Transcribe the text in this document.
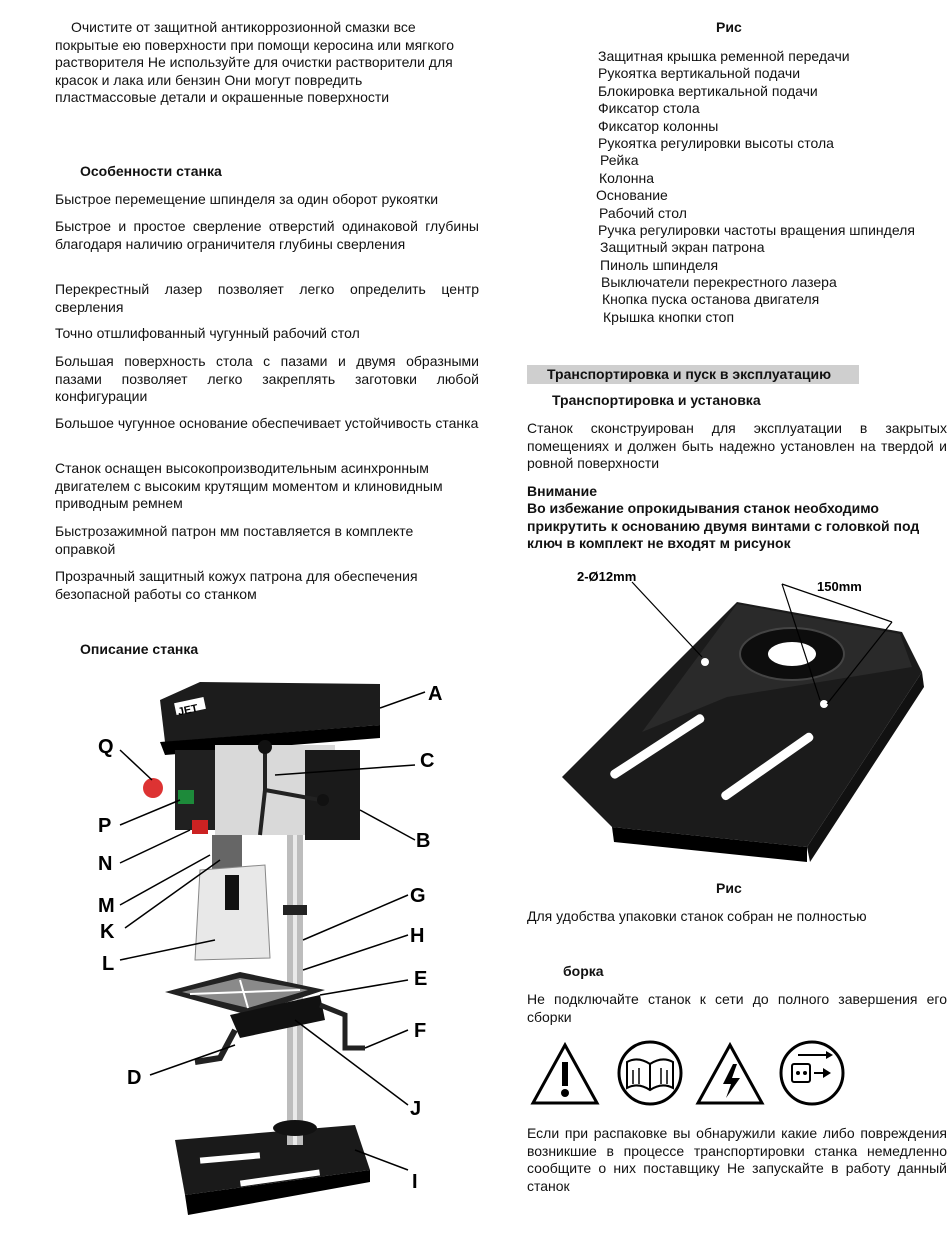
Очистите от защитной антикоррозионной смазки все покрытые ею поверхности при помощи керосина или мягкого растворителя Не используйте для очистки растворители для красок и лака или бензин Они могут повредить пластмассовые детали и окрашенные поверхности

Особенности станка

Быстрое перемещение шпинделя за один оборот рукоятки

Быстрое и простое сверление отверстий одинаковой глубины благодаря наличию ограничителя глубины сверления

Перекрестный лазер позволяет легко определить центр сверления

Точно отшлифованный чугунный рабочий стол

Большая поверхность стола с пазами и двумя образными пазами позволяет легко закреплять заготовки любой конфигурации

Большое чугунное основание обеспечивает устойчивость станка

Станок оснащен высокопроизводительным асинхронным двигателем с высоким крутящим моментом и клиновидным приводным ремнем

Быстрозажимной патрон мм поставляется в комплекте оправкой

Прозрачный защитный кожух патрона для обеспечения безопасной работы со станком

Описание станка
JET
A
B
C
D
E
F
G
H
I
J
K
L
M
N
P
Q
Рис
Защитная крышка ременной передачи
Рукоятка вертикальной подачи
Блокировка вертикальной подачи
Фиксатор стола
Фиксатор колонны
Рукоятка регулировки высоты стола
Рейка
Колонна
Основание
Рабочий стол
Ручка регулировки частоты вращения шпинделя
Защитный экран патрона
Пиноль шпинделя
Выключатели перекрестного лазера
Кнопка пуска останова двигателя
Крышка кнопки стоп
Транспортировка и пуск в эксплуатацию
Транспортировка и установка

Станок сконструирован для эксплуатации в закрытых помещениях и должен быть надежно установлен на твердой и ровной поверхности

Внимание

Во избежание опрокидывания станок необходимо прикрутить к основанию двумя винтами с головкой под ключ в комплект не входят м рисунок

2-Ø12mm
150mm
Рис
Для удобства упаковки станок собран не полностью
борка

Не подключайте станок к сети до полного завершения его сборки

Если при распаковке вы обнаружили какие либо повреждения возникшие в процессе транспортировки станка немедленно сообщите о них поставщику Не запускайте в работу данный станок
